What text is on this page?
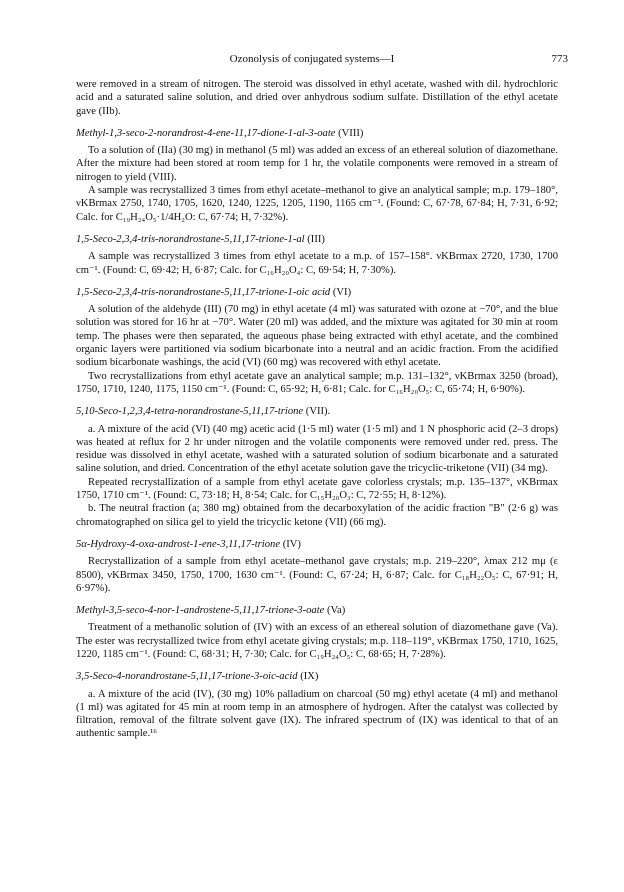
Ozonolysis of conjugated systems—I	773

were removed in a stream of nitrogen. The steroid was dissolved in ethyl acetate, washed with dil. hydrochloric acid and a saturated saline solution, and dried over anhydrous sodium sulfate. Distillation of the ethyl acetate gave (IIb).

Methyl-1,3-seco-2-norandrost-4-ene-11,17-dione-1-al-3-oate (VIII)

To a solution of (IIa) (30 mg) in methanol (5 ml) was added an excess of an ethereal solution of diazomethane. After the mixture had been stored at room temp for 1 hr, the volatile components were removed in a stream of nitrogen to yield (VIII).

A sample was recrystallized 3 times from ethyl acetate–methanol to give an analytical sample; m.p. 179–180°, νKBrmax 2750, 1740, 1705, 1620, 1240, 1225, 1205, 1190, 1165 cm⁻¹. (Found: C, 67·78, 67·84; H, 7·31, 6·92; Calc. for C₁₉H₂₄O₅·1/4H₂O: C, 67·74; H, 7·32%).

1,5-Seco-2,3,4-tris-norandrostane-5,11,17-trione-1-al (III)

A sample was recrystallized 3 times from ethyl acetate to a m.p. of 157–158°. νKBrmax 2720, 1730, 1700 cm⁻¹. (Found: C, 69·42; H, 6·87; Calc. for C₁₆H₂₀O₄: C, 69·54; H, 7·30%).

1,5-Seco-2,3,4-tris-norandrostane-5,11,17-trione-1-oic acid (VI)

A solution of the aldehyde (III) (70 mg) in ethyl acetate (4 ml) was saturated with ozone at −70°, and the blue solution was stored for 16 hr at −70°. Water (20 ml) was added, and the mixture was agitated for 30 min at room temp. The phases were then separated, the aqueous phase being extracted with ethyl acetate, and the combined organic layers were partitioned via sodium bicarbonate into a neutral and an acidic fraction. From the acidified sodium bicarbonate washings, the acid (VI) (60 mg) was recovered with ethyl acetate.

Two recrystallizations from ethyl acetate gave an analytical sample; m.p. 131–132°, νKBrmax 3250 (broad), 1750, 1710, 1240, 1175, 1150 cm⁻¹. (Found: C, 65·92; H, 6·81; Calc. for C₁₆H₂₀O₅: C, 65·74; H, 6·90%).

5,10-Seco-1,2,3,4-tetra-norandrostane-5,11,17-trione (VII).

a. A mixture of the acid (VI) (40 mg) acetic acid (1·5 ml) water (1·5 ml) and 1 N phosphoric acid (2–3 drops) was heated at reflux for 2 hr under nitrogen and the volatile components were removed under red. press. The residue was dissolved in ethyl acetate, washed with a saturated solution of sodium bicarbonate and a saturated saline solution, and dried. Concentration of the ethyl acetate solution gave the tricyclic-triketone (VII) (34 mg).

Repeated recrystallization of a sample from ethyl acetate gave colorless crystals; m.p. 135–137°, νKBrmax 1750, 1710 cm⁻¹. (Found: C, 73·18; H, 8·54; Calc. for C₁₅H₂₀O₃: C, 72·55; H, 8·12%).

b. The neutral fraction (a; 380 mg) obtained from the decarboxylation of the acidic fraction "B" (2·6 g) was chromatographed on silica gel to yield the tricyclic ketone (VII) (66 mg).

5α-Hydroxy-4-oxa-androst-1-ene-3,11,17-trione (IV)

Recrystallization of a sample from ethyl acetate–methanol gave crystals; m.p. 219–220°, λmax 212 mμ (ε 8500), νKBrmax 3450, 1750, 1700, 1630 cm⁻¹. (Found: C, 67·24; H, 6·87; Calc. for C₁₈H₂₂O₅: C, 67·91; H, 6·97%).

Methyl-3,5-seco-4-nor-1-androstene-5,11,17-trione-3-oate (Va)

Treatment of a methanolic solution of (IV) with an excess of an ethereal solution of diazomethane gave (Va). The ester was recrystallized twice from ethyl acetate giving crystals; m.p. 118–119°, νKBrmax 1750, 1710, 1625, 1220, 1185 cm⁻¹. (Found: C, 68·31; H, 7·30; Calc. for C₁₉H₂₄O₅: C, 68·65; H, 7·28%).

3,5-Seco-4-norandrostane-5,11,17-trione-3-oic-acid (IX)

a. A mixture of the acid (IV), (30 mg) 10% palladium on charcoal (50 mg) ethyl acetate (4 ml) and methanol (1 ml) was agitated for 45 min at room temp in an atmosphere of hydrogen. After the catalyst was collected by filtration, removal of the filtrate solvent gave (IX). The infrared spectrum of (IX) was identical to that of an authentic sample.¹⁶
